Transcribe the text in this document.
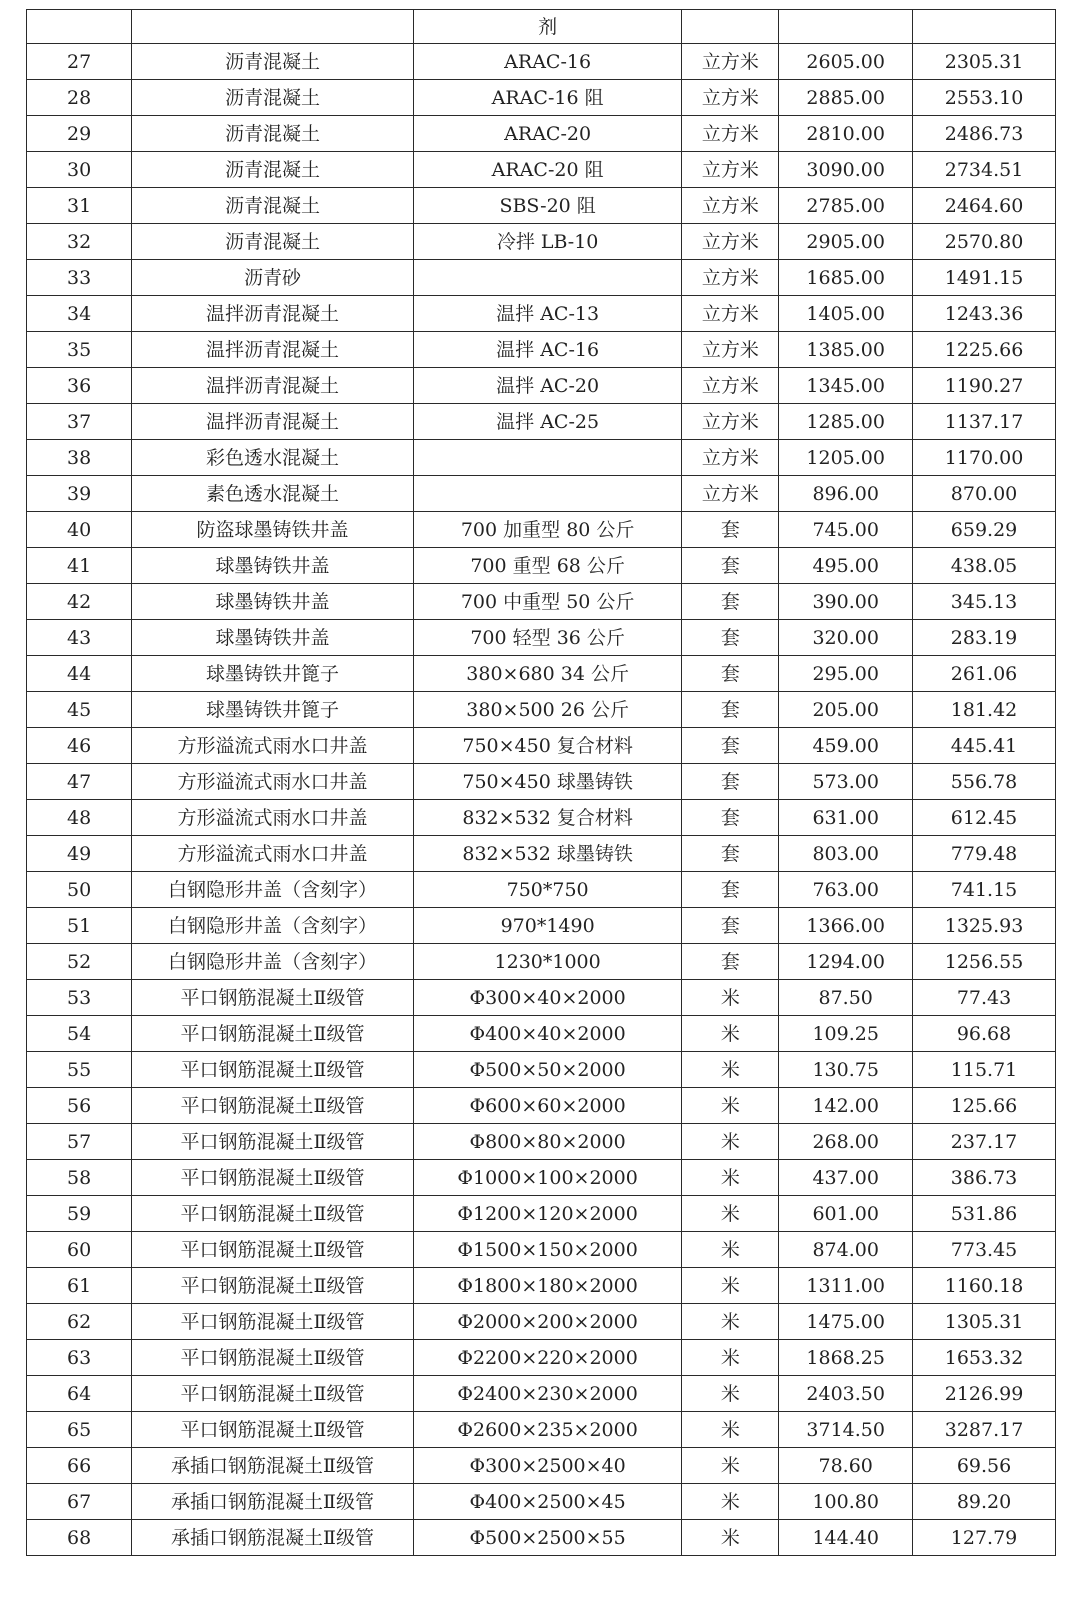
		剂			
27	沥青混凝土	ARAC-16	立方米	2605.00	2305.31
28	沥青混凝土	ARAC-16 阻	立方米	2885.00	2553.10
29	沥青混凝土	ARAC-20	立方米	2810.00	2486.73
30	沥青混凝土	ARAC-20 阻	立方米	3090.00	2734.51
31	沥青混凝土	SBS-20 阻	立方米	2785.00	2464.60
32	沥青混凝土	冷拌 LB-10	立方米	2905.00	2570.80
33	沥青砂		立方米	1685.00	1491.15
34	温拌沥青混凝土	温拌 AC-13	立方米	1405.00	1243.36
35	温拌沥青混凝土	温拌 AC-16	立方米	1385.00	1225.66
36	温拌沥青混凝土	温拌 AC-20	立方米	1345.00	1190.27
37	温拌沥青混凝土	温拌 AC-25	立方米	1285.00	1137.17
38	彩色透水混凝土		立方米	1205.00	1170.00
39	素色透水混凝土		立方米	896.00	870.00
40	防盗球墨铸铁井盖	700 加重型 80 公斤	套	745.00	659.29
41	球墨铸铁井盖	700 重型 68 公斤	套	495.00	438.05
42	球墨铸铁井盖	700 中重型 50 公斤	套	390.00	345.13
43	球墨铸铁井盖	700 轻型 36 公斤	套	320.00	283.19
44	球墨铸铁井篦子	380×680 34 公斤	套	295.00	261.06
45	球墨铸铁井篦子	380×500 26 公斤	套	205.00	181.42
46	方形溢流式雨水口井盖	750×450 复合材料	套	459.00	445.41
47	方形溢流式雨水口井盖	750×450 球墨铸铁	套	573.00	556.78
48	方形溢流式雨水口井盖	832×532 复合材料	套	631.00	612.45
49	方形溢流式雨水口井盖	832×532 球墨铸铁	套	803.00	779.48
50	白钢隐形井盖（含刻字）	750*750	套	763.00	741.15
51	白钢隐形井盖（含刻字）	970*1490	套	1366.00	1325.93
52	白钢隐形井盖（含刻字）	1230*1000	套	1294.00	1256.55
53	平口钢筋混凝土Ⅱ级管	Φ300×40×2000	米	87.50	77.43
54	平口钢筋混凝土Ⅱ级管	Φ400×40×2000	米	109.25	96.68
55	平口钢筋混凝土Ⅱ级管	Φ500×50×2000	米	130.75	115.71
56	平口钢筋混凝土Ⅱ级管	Φ600×60×2000	米	142.00	125.66
57	平口钢筋混凝土Ⅱ级管	Φ800×80×2000	米	268.00	237.17
58	平口钢筋混凝土Ⅱ级管	Φ1000×100×2000	米	437.00	386.73
59	平口钢筋混凝土Ⅱ级管	Φ1200×120×2000	米	601.00	531.86
60	平口钢筋混凝土Ⅱ级管	Φ1500×150×2000	米	874.00	773.45
61	平口钢筋混凝土Ⅱ级管	Φ1800×180×2000	米	1311.00	1160.18
62	平口钢筋混凝土Ⅱ级管	Φ2000×200×2000	米	1475.00	1305.31
63	平口钢筋混凝土Ⅱ级管	Φ2200×220×2000	米	1868.25	1653.32
64	平口钢筋混凝土Ⅱ级管	Φ2400×230×2000	米	2403.50	2126.99
65	平口钢筋混凝土Ⅱ级管	Φ2600×235×2000	米	3714.50	3287.17
66	承插口钢筋混凝土Ⅱ级管	Φ300×2500×40	米	78.60	69.56
67	承插口钢筋混凝土Ⅱ级管	Φ400×2500×45	米	100.80	89.20
68	承插口钢筋混凝土Ⅱ级管	Φ500×2500×55	米	144.40	127.79
